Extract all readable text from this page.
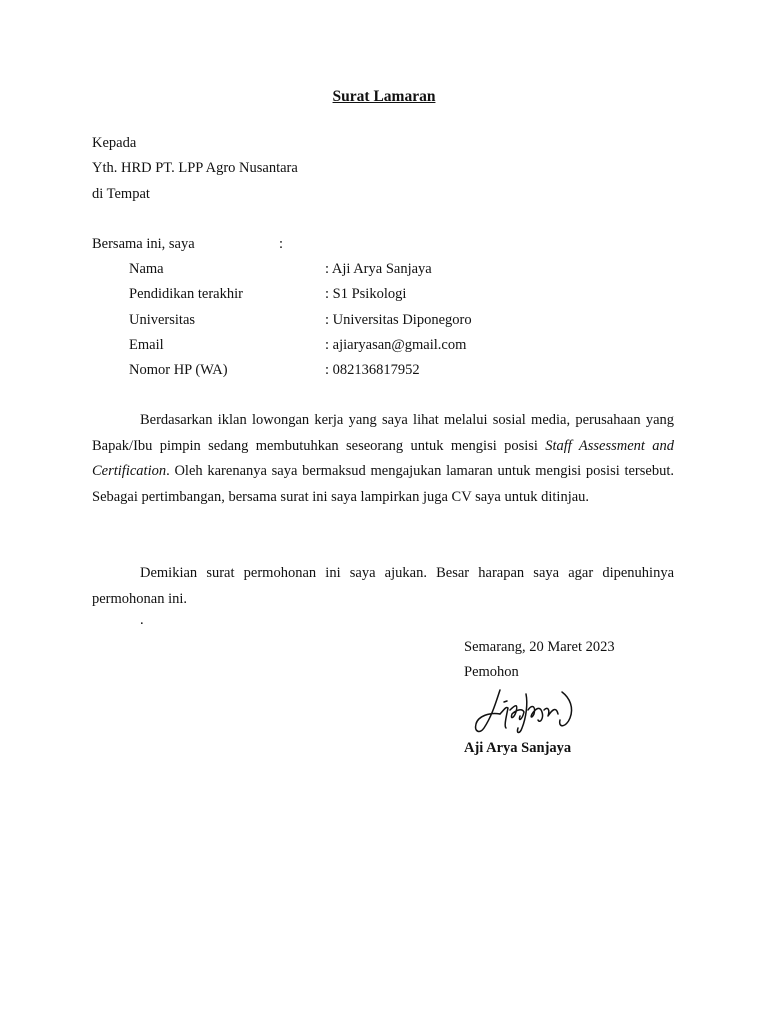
Surat Lamaran
Kepada
Yth. HRD PT. LPP Agro Nusantara
di Tempat
Bersama ini, saya	:
Nama	: Aji Arya Sanjaya
Pendidikan terakhir	: S1 Psikologi
Universitas	: Universitas Diponegoro
Email	: ajiaryasan@gmail.com
Nomor HP (WA)	: 082136817952

Berdasarkan iklan lowongan kerja yang saya lihat melalui sosial media, perusahaan yang Bapak/Ibu pimpin sedang membutuhkan seseorang untuk mengisi posisi Staff Assessment and Certification. Oleh karenanya saya bermaksud mengajukan lamaran untuk mengisi posisi tersebut. Sebagai pertimbangan, bersama surat ini saya lampirkan juga CV saya untuk ditinjau.

Demikian surat permohonan ini saya ajukan. Besar harapan saya agar dipenuhinya permohonan ini.

.
Semarang, 20 Maret 2023
Pemohon
Aji Arya Sanjaya
